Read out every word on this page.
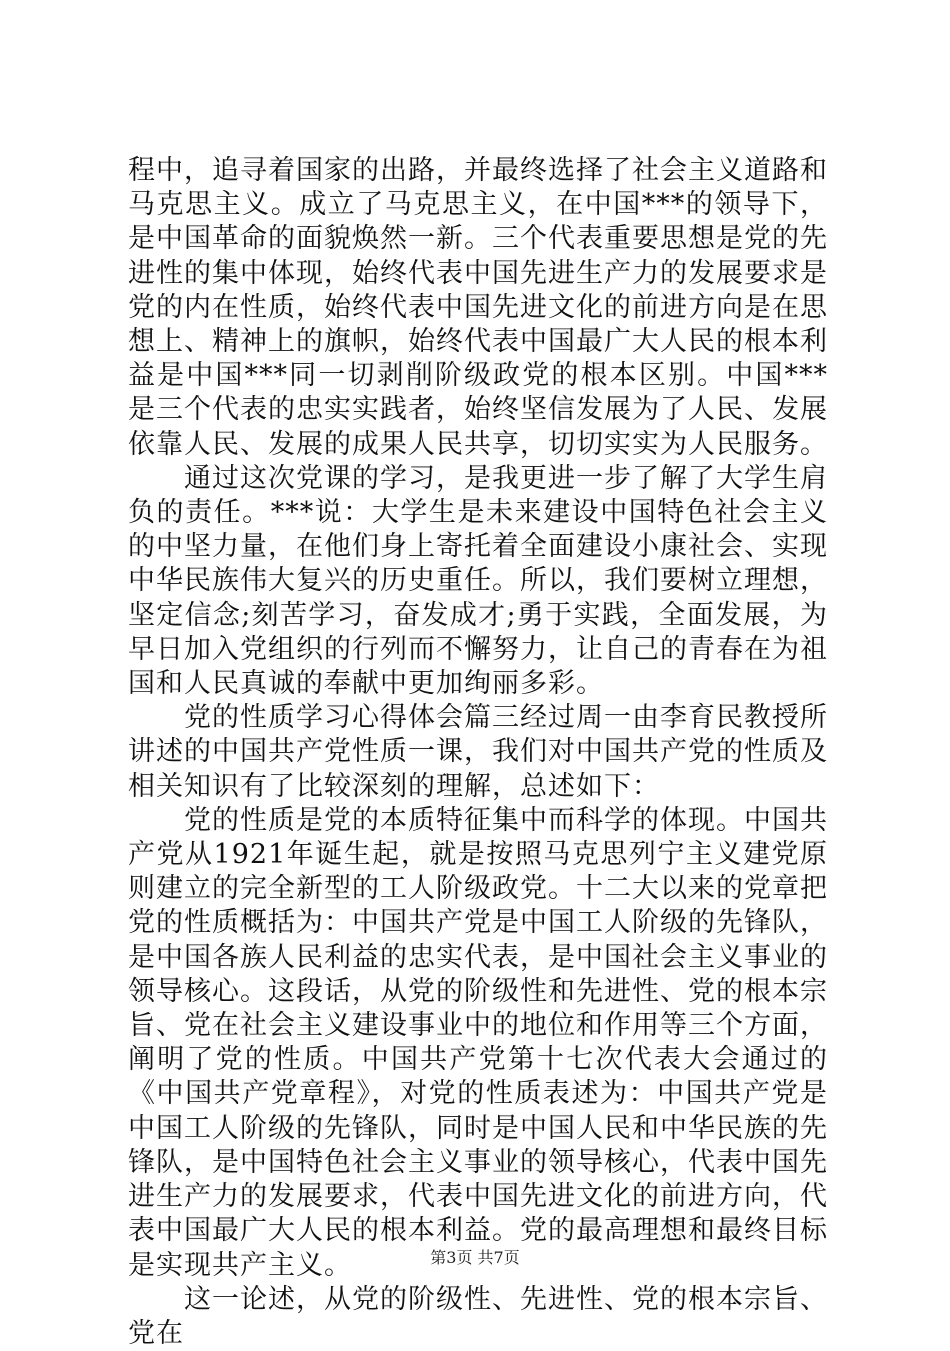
程中，追寻着国家的出路，并最终选择了社会主义道路和马克思主义。成立了马克思主义，在中国***的领导下，是中国革命的面貌焕然一新。三个代表重要思想是党的先进性的集中体现，始终代表中国先进生产力的发展要求是党的内在性质，始终代表中国先进文化的前进方向是在思想上、精神上的旗帜，始终代表中国最广大人民的根本利益是中国***同一切剥削阶级政党的根本区别。中国***是三个代表的忠实实践者，始终坚信发展为了人民、发展依靠人民、发展的成果人民共享，切切实实为人民服务。

通过这次党课的学习，是我更进一步了解了大学生肩负的责任。***说：大学生是未来建设中国特色社会主义的中坚力量，在他们身上寄托着全面建设小康社会、实现中华民族伟大复兴的历史重任。所以，我们要树立理想，坚定信念;刻苦学习，奋发成才;勇于实践，全面发展，为早日加入党组织的行列而不懈努力，让自己的青春在为祖国和人民真诚的奉献中更加绚丽多彩。

党的性质学习心得体会篇三经过周一由李育民教授所讲述的中国共产党性质一课，我们对中国共产党的性质及相关知识有了比较深刻的理解，总述如下：

党的性质是党的本质特征集中而科学的体现。中国共产党从1921年诞生起，就是按照马克思列宁主义建党原则建立的完全新型的工人阶级政党。十二大以来的党章把党的性质概括为：中国共产党是中国工人阶级的先锋队，是中国各族人民利益的忠实代表，是中国社会主义事业的领导核心。这段话，从党的阶级性和先进性、党的根本宗旨、党在社会主义建设事业中的地位和作用等三个方面，阐明了党的性质。中国共产党第十七次代表大会通过的《中国共产党章程》，对党的性质表述为：中国共产党是中国工人阶级的先锋队，同时是中国人民和中华民族的先锋队，是中国特色社会主义事业的领导核心，代表中国先进生产力的发展要求，代表中国先进文化的前进方向，代表中国最广大人民的根本利益。党的最高理想和最终目标是实现共产主义。

这一论述，从党的阶级性、先进性、党的根本宗旨、党在

第3页 共7页
